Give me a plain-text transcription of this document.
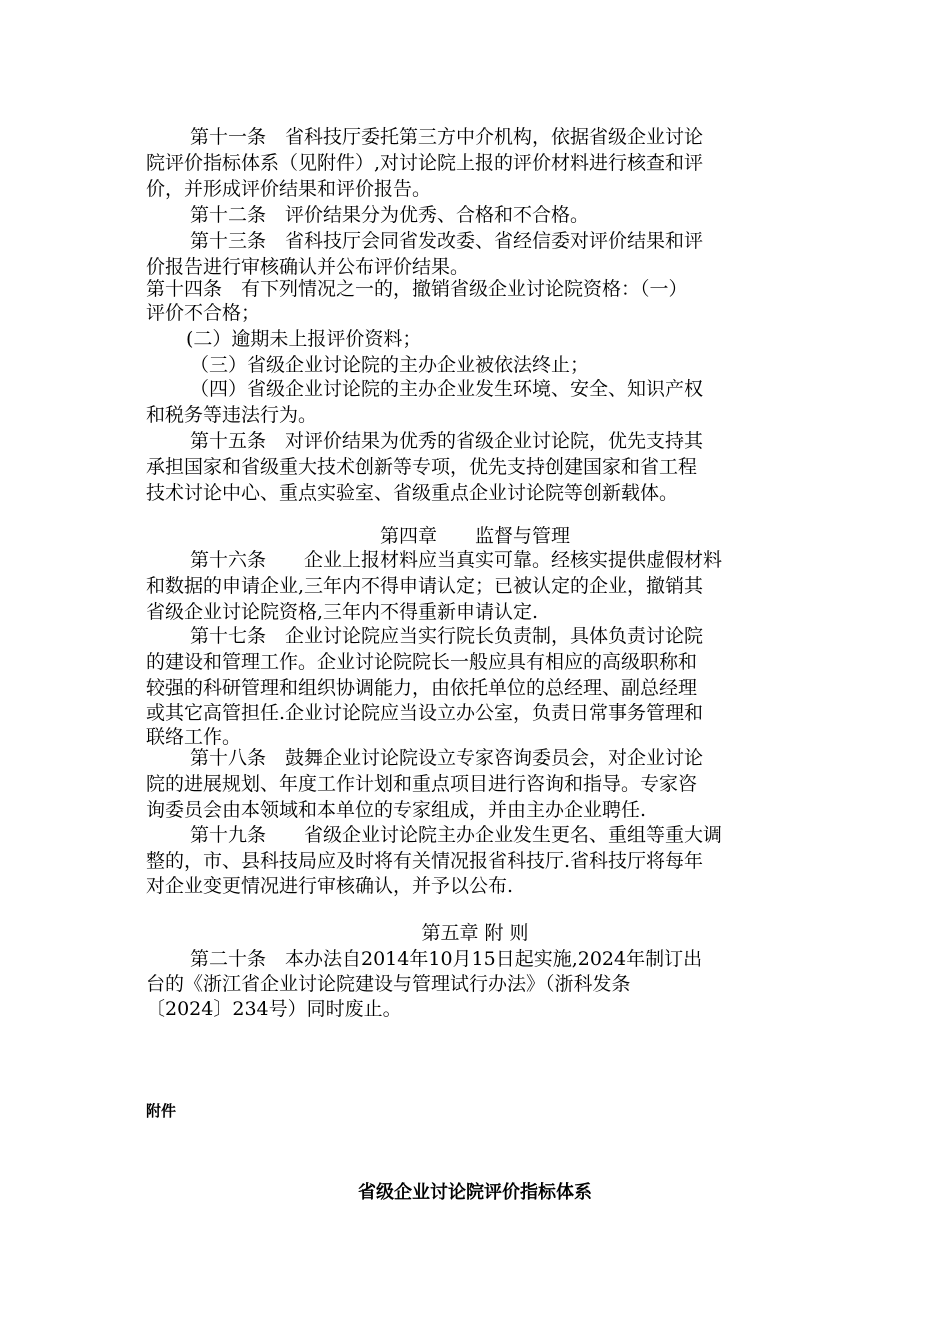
第十一条　省科技厅委托第三方中介机构，依据省级企业讨论
院评价指标体系（见附件）,对讨论院上报的评价材料进行核查和评
价，并形成评价结果和评价报告。
第十二条　评价结果分为优秀、合格和不合格。
第十三条　省科技厅会同省发改委、省经信委对评价结果和评
价报告进行审核确认并公布评价结果。
第十四条　有下列情况之一的，撤销省级企业讨论院资格：（一）
评价不合格；
(二）逾期未上报评价资料；
（三）省级企业讨论院的主办企业被依法终止；
（四）省级企业讨论院的主办企业发生环境、安全、知识产权
和税务等违法行为。
第十五条　对评价结果为优秀的省级企业讨论院，优先支持其
承担国家和省级重大技术创新等专项，优先支持创建国家和省工程
技术讨论中心、重点实验室、省级重点企业讨论院等创新载体。
第四章　　监督与管理
第十六条　　企业上报材料应当真实可靠。经核实提供虚假材料
和数据的申请企业,三年内不得申请认定；已被认定的企业，撤销其
省级企业讨论院资格,三年内不得重新申请认定.
第十七条　企业讨论院应当实行院长负责制，具体负责讨论院
的建设和管理工作。企业讨论院院长一般应具有相应的高级职称和
较强的科研管理和组织协调能力，由依托单位的总经理、副总经理
或其它高管担任.企业讨论院应当设立办公室，负责日常事务管理和
联络工作。
第十八条　鼓舞企业讨论院设立专家咨询委员会，对企业讨论
院的进展规划、年度工作计划和重点项目进行咨询和指导。专家咨
询委员会由本领域和本单位的专家组成，并由主办企业聘任.
第十九条　　省级企业讨论院主办企业发生更名、重组等重大调
整的，市、县科技局应及时将有关情况报省科技厅.省科技厅将每年
对企业变更情况进行审核确认，并予以公布.
第五章 附 则
第二十条　本办法自2014年10月15日起实施,2024年制订出
台的《浙江省企业讨论院建设与管理试行办法》（浙科发条
〔2024〕234号）同时废止。
附件
省级企业讨论院评价指标体系
